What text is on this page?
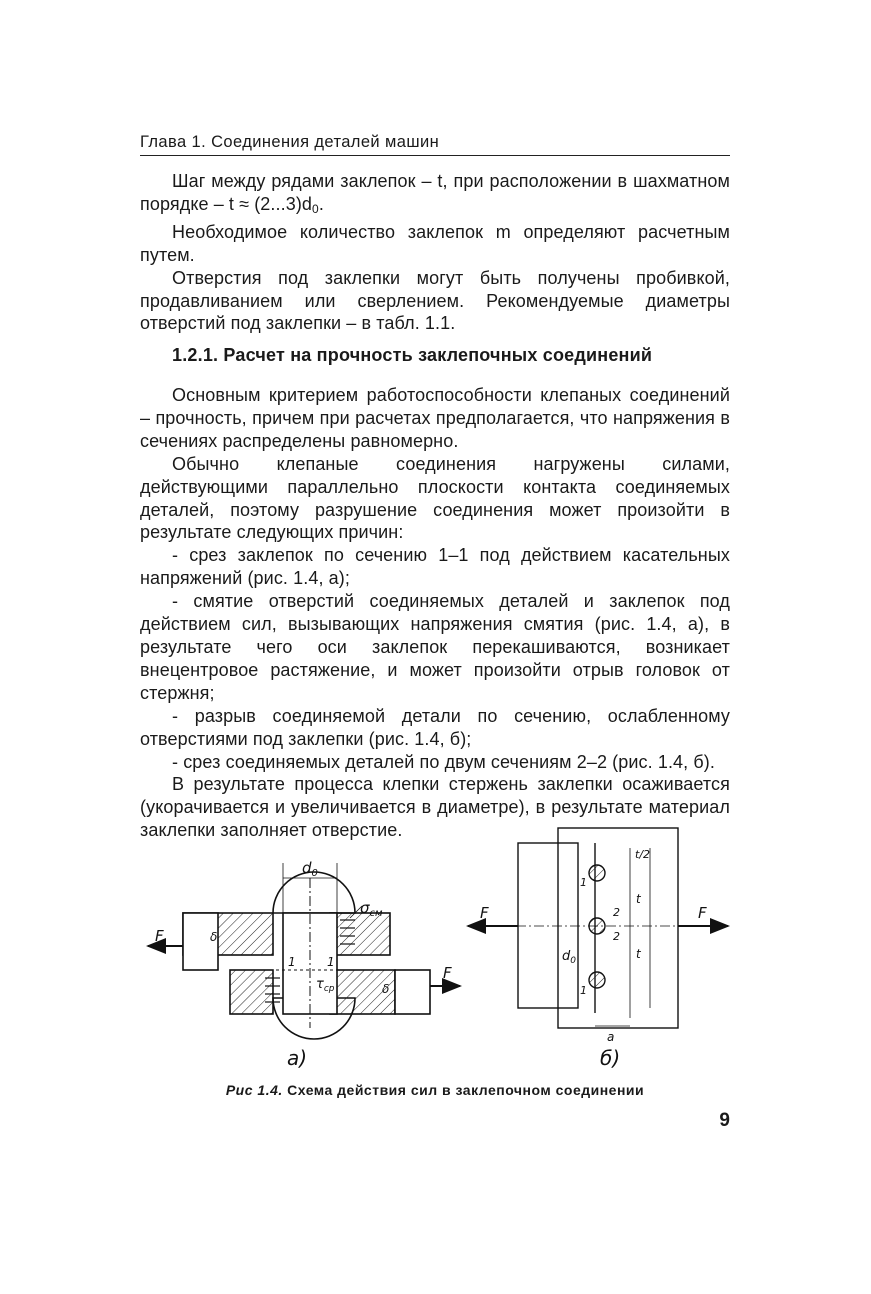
Глава 1. Соединения деталей машин

Шаг между рядами заклепок – t, при расположении в шахматном порядке – $t \approx (2...3)d_0$.

Необходимое количество заклепок m определяют расчетным путем.

Отверстия под заклепки могут быть получены пробивкой, продавливанием или сверлением. Рекомендуемые диаметры отверстий под заклепки – в табл. 1.1.

1.2.1. Расчет на прочность заклепочных соединений

Основным критерием работоспособности клепаных соединений – прочность, причем при расчетах предполагается, что напряжения в сечениях распределены равномерно.

Обычно клепаные соединения нагружены силами, действующими параллельно плоскости контакта соединяемых деталей, поэтому разрушение соединения может произойти в результате следующих причин:

- срез заклепок по сечению 1–1 под действием касательных напряжений (рис. 1.4, а);

- смятие отверстий соединяемых деталей и заклепок под действием сил, вызывающих напряжения смятия (рис. 1.4, а), в результате чего оси заклепок перекашиваются, возникает внецентровое растяжение, и может произойти отрыв головок от стержня;

- разрыв соединяемой детали по сечению, ослабленному отверстиями под заклепки (рис. 1.4, б);

- срез соединяемых деталей по двум сечениям 2–2 (рис. 1.4, б).

В результате процесса клепки стержень заклепки осаживается (укорачивается и увеличивается в диаметре), в результате материал заклепки заполняет отверстие.

F
F
$d_0$
$\sigma_{см}$
$\tau_{ср}$
1	1
δ
δ
а)
F	F
t/2
t
t
1
1
2
2
$d_0$
a
б)
Рис 1.4. Схема действия сил в заклепочном соединении
9
